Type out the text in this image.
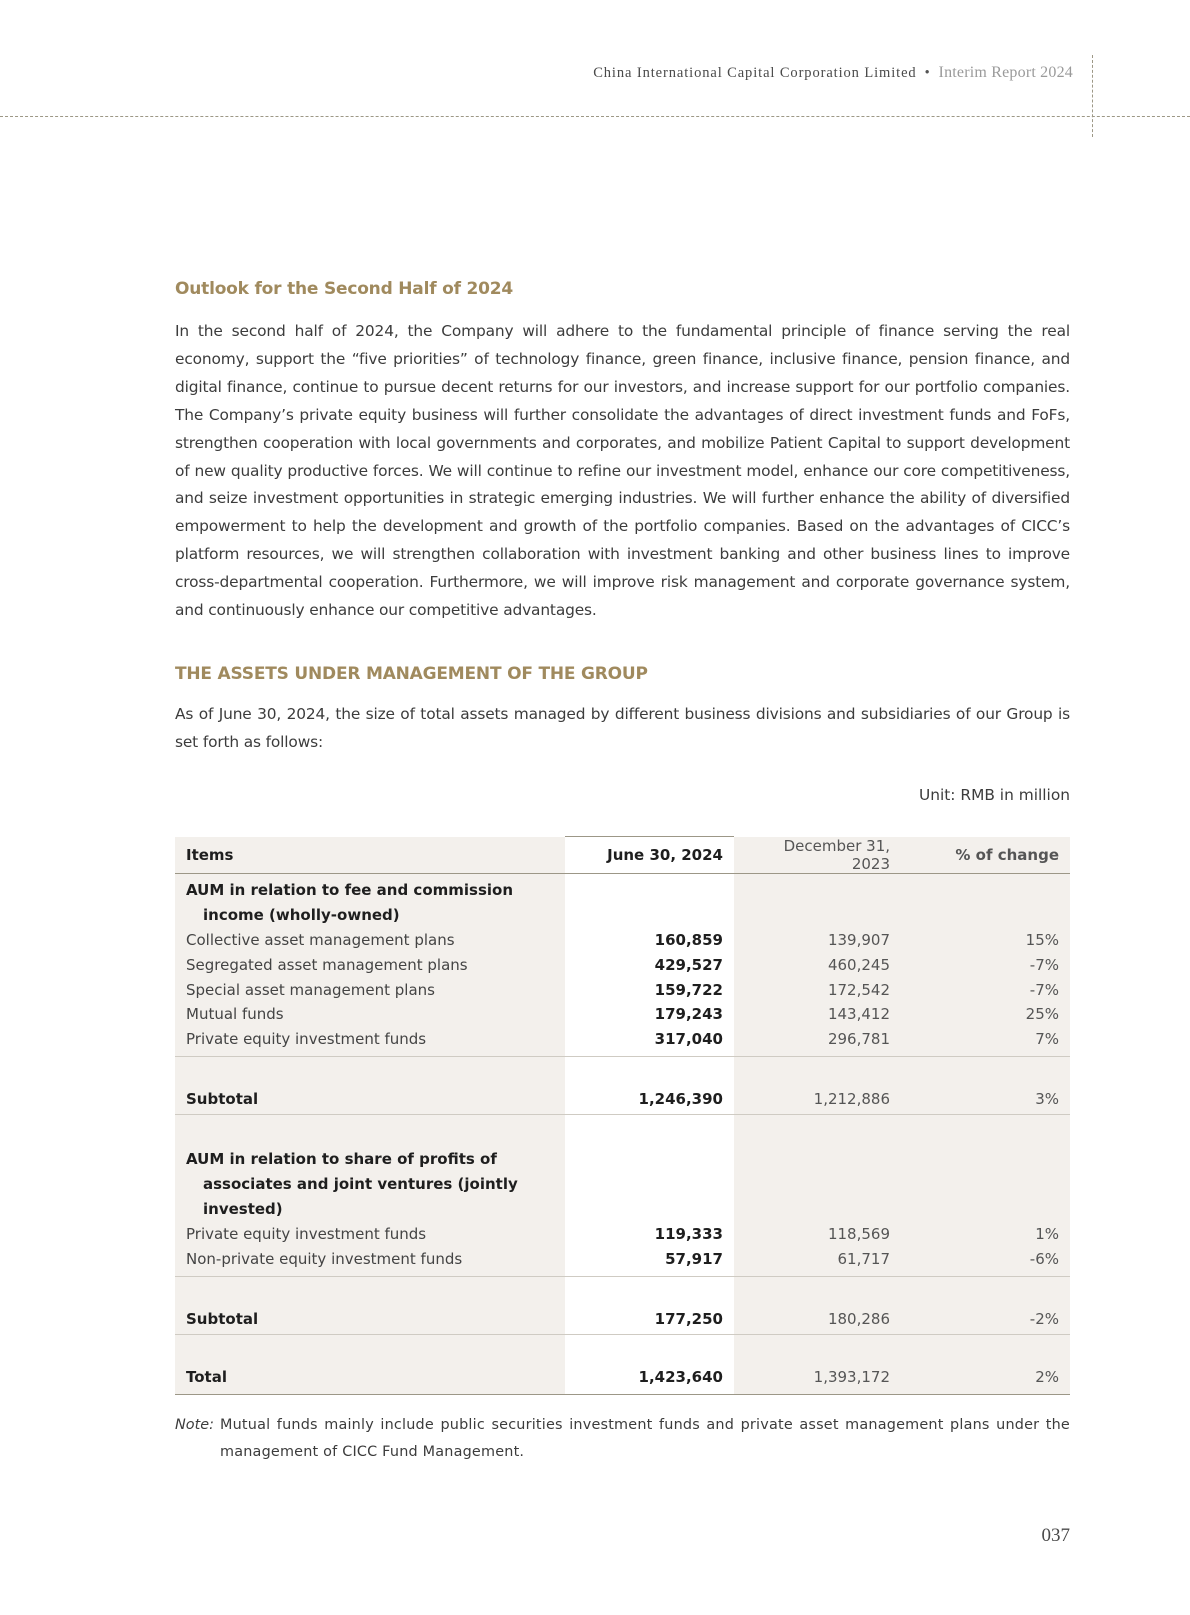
China International Capital Corporation Limited • Interim Report 2024
Outlook for the Second Half of 2024

In the second half of 2024, the Company will adhere to the fundamental principle of finance serving the real economy, support the “five priorities” of technology finance, green finance, inclusive finance, pension finance, and digital finance, continue to pursue decent returns for our investors, and increase support for our portfolio companies. The Company’s private equity business will further consolidate the advantages of direct investment funds and FoFs, strengthen cooperation with local governments and corporates, and mobilize Patient Capital to support development of new quality productive forces. We will continue to refine our investment model, enhance our core competitiveness, and seize investment opportunities in strategic emerging industries. We will further enhance the ability of diversified empowerment to help the development and growth of the portfolio companies. Based on the advantages of CICC’s platform resources, we will strengthen collaboration with investment banking and other business lines to improve cross-departmental cooperation. Furthermore, we will improve risk management and corporate governance system, and continuously enhance our competitive advantages.

THE ASSETS UNDER MANAGEMENT OF THE GROUP

As of June 30, 2024, the size of total assets managed by different business divisions and subsidiaries of our Group is set forth as follows:

Unit: RMB in million
Items	June 30, 2024	December 31, 2023	% of change
AUM in relation to fee and commission
income (wholly-owned)			
Collective asset management plans	160,859	139,907	15%
Segregated asset management plans	429,527	460,245	-7%
Special asset management plans	159,722	172,542	-7%
Mutual funds	179,243	143,412	25%
Private equity investment funds	317,040	296,781	7%
Subtotal	1,246,390	1,212,886	3%

AUM in relation to share of profits of
associates and joint ventures (jointly
invested)			
Private equity investment funds	119,333	118,569	1%
Non-private equity investment funds	57,917	61,717	-6%
Subtotal	177,250	180,286	-2%
Total	1,423,640	1,393,172	2%
Note: Mutual funds mainly include public securities investment funds and private asset management plans under the management of CICC Fund Management.
037
